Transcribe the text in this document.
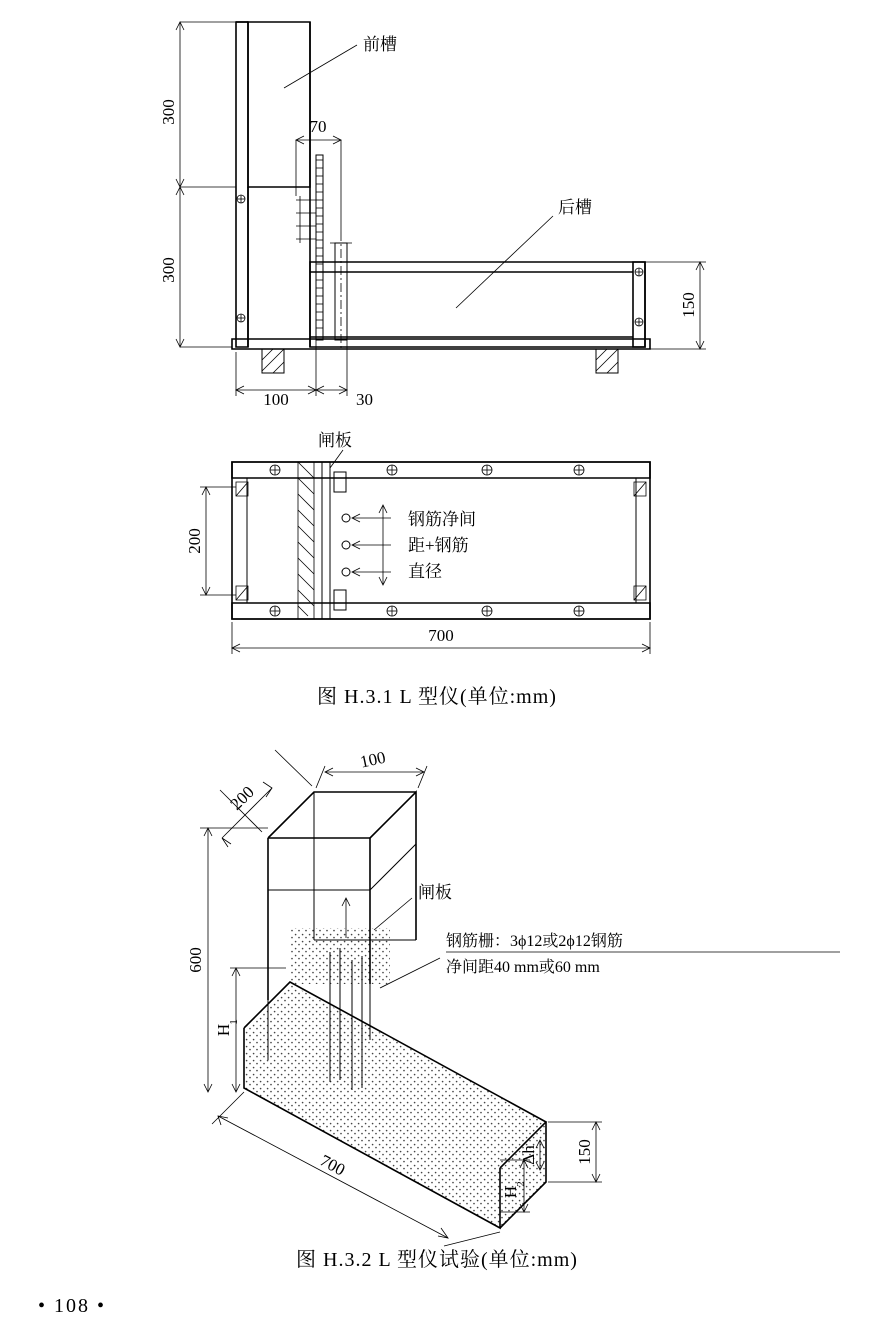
300
300
70
150
100	30
前槽
后槽
闸板
钢筋净间
距+钢筋
直径
200
700
图 H.3.1 L 型仪(单位:mm)
闸板
钢筋栅：3ϕ12或2ϕ12钢筋
净间距40 mm或60 mm
200
100
600
H
1
700	150
H
2
Δh
图 H.3.2 L 型仪试验(单位:mm)
• 108 •
